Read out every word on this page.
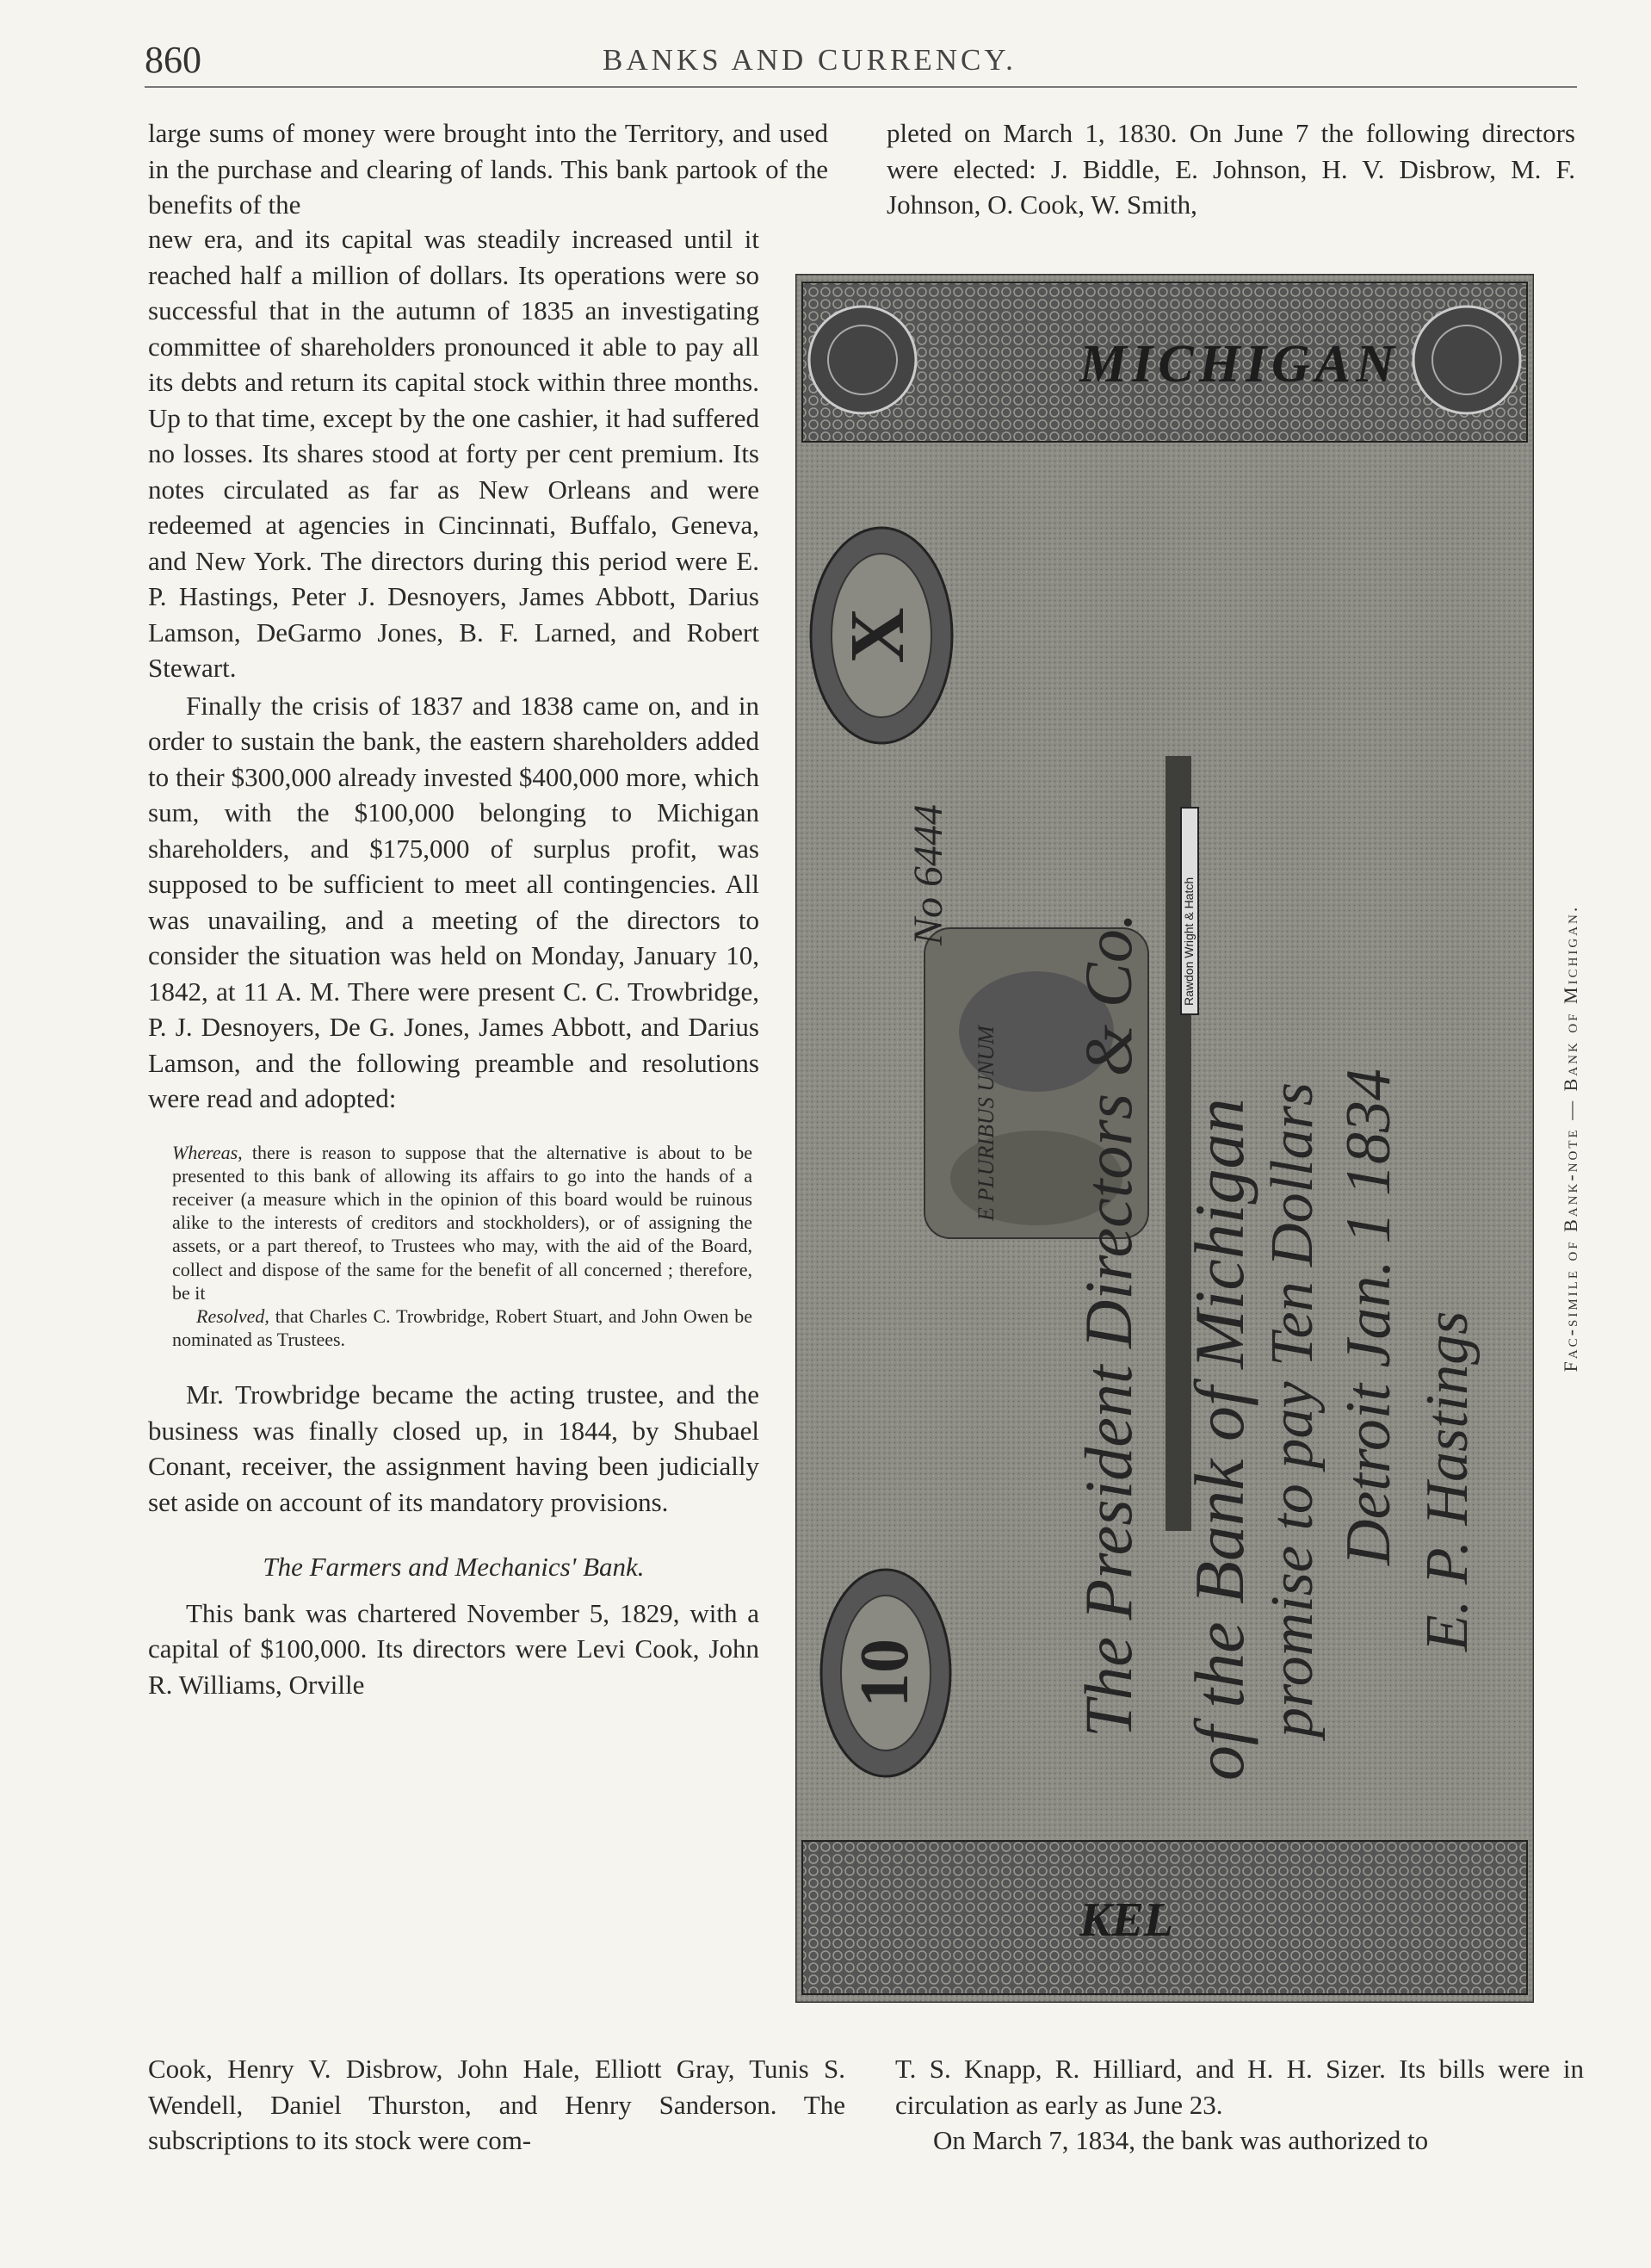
860	BANKS AND CURRENCY.

large sums of money were brought into the Territory, and used in the purchase and clearing of lands. This bank partook of the benefits of the

new era, and its capital was steadily increased until it reached half a million of dollars. Its operations were so successful that in the autumn of 1835 an investigating committee of shareholders pronounced it able to pay all its debts and return its capital stock within three months. Up to that time, except by the one cashier, it had suffered no losses. Its shares stood at forty per cent premium. Its notes circulated as far as New Orleans and were redeemed at agencies in Cincinnati, Buffalo, Geneva, and New York. The directors during this period were E. P. Hastings, Peter J. Desnoyers, James Abbott, Darius Lamson, DeGarmo Jones, B. F. Larned, and Robert Stewart.

Finally the crisis of 1837 and 1838 came on, and in order to sustain the bank, the eastern shareholders added to their $300,000 already invested $400,000 more, which sum, with the $100,000 belonging to Michigan shareholders, and $175,000 of surplus profit, was supposed to be sufficient to meet all contingencies. All was unavailing, and a meeting of the directors to consider the situation was held on Monday, January 10, 1842, at 11 A. M. There were present C. C. Trowbridge, P. J. Desnoyers, De G. Jones, James Abbott, and Darius Lamson, and the following preamble and resolutions were read and adopted:

Whereas, there is reason to suppose that the alternative is about to be presented to this bank of allowing its affairs to go into the hands of a receiver (a measure which in the opinion of this board would be ruinous alike to the interests of creditors and stockholders), or of assigning the assets, or a part thereof, to Trustees who may, with the aid of the Board, collect and dispose of the same for the benefit of all concerned ; therefore, be it

Resolved, that Charles C. Trowbridge, Robert Stuart, and John Owen be nominated as Trustees.

Mr. Trowbridge became the acting trustee, and the business was finally closed up, in 1844, by Shubael Conant, receiver, the assignment having been judicially set aside on account of its mandatory provisions.

The Farmers and Mechanics' Bank.

This bank was chartered November 5, 1829, with a capital of $100,000. Its directors were Levi Cook, John R. Williams, Orville

pleted on March 1, 1830. On June 7 the following directors were elected: J. Biddle, E. Johnson, H. V. Disbrow, M. F. Johnson, O. Cook, W. Smith,

MICHIGAN
KEL
X
10
No 6444
E PLURIBUS UNUM The President Directors & Co. of the Bank of Michigan promise to pay Ten Dollars Detroit Jan. 1 1834 E. P. Hastings
Rawdon Wright & Hatch	Fac-simile of Bank-note — Bank of Michigan.

Cook, Henry V. Disbrow, John Hale, Elliott Gray, Tunis S. Wendell, Daniel Thurston, and Henry Sanderson. The subscriptions to its stock were com-

T. S. Knapp, R. Hilliard, and H. H. Sizer. Its bills were in circulation as early as June 23.

On March 7, 1834, the bank was authorized to
